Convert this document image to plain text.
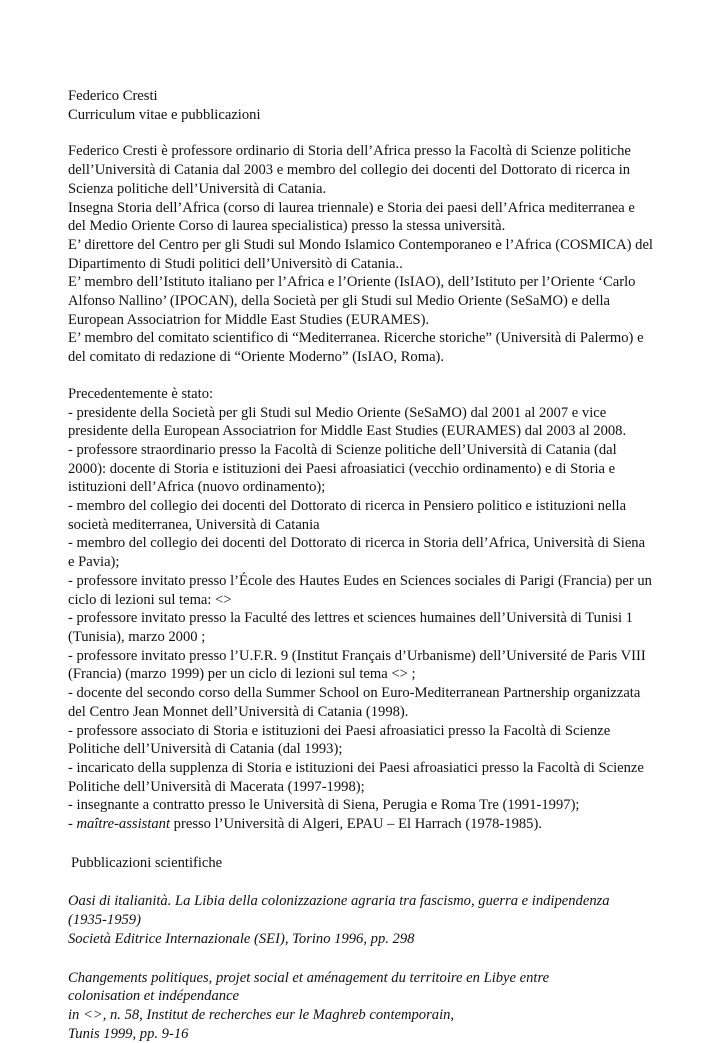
Federico Cresti

Curriculum vitae e pubblicazioni

Federico Cresti è professore ordinario di Storia dell’Africa presso la Facoltà di Scienze politiche
dell’Università di Catania dal 2003 e membro del collegio dei docenti del Dottorato di ricerca in
Scienza politiche dell’Università di Catania.
Insegna Storia dell’Africa (corso di laurea triennale) e Storia dei paesi dell’Africa mediterranea e
del Medio Oriente Corso di laurea specialistica) presso la stessa università.
E’ direttore del Centro per gli Studi sul Mondo Islamico Contemporaneo e l’Africa (COSMICA) del
Dipartimento di Studi politici dell’Universitò di Catania..
E’ membro dell’Istituto italiano per l’Africa e l’Oriente (IsIAO), dell’Istituto per l’Oriente ‘Carlo
Alfonso Nallino’ (IPOCAN), della Società per gli Studi sul Medio Oriente (SeSaMO) e della
European Associatrion for Middle East Studies (EURAMES).
E’ membro del comitato scientifico di “Mediterranea. Ricerche storiche” (Università di Palermo) e
del comitato di redazione di “Oriente Moderno” (IsIAO, Roma).

Precedentemente è stato:

- presidente della Società per gli Studi sul Medio Oriente (SeSaMO) dal 2001 al 2007 e vice
presidente della European Associatrion for Middle East Studies (EURAMES) dal 2003 al 2008.

- professore straordinario presso la Facoltà di Scienze politiche dell’Università di Catania (dal
2000): docente di Storia e istituzioni dei Paesi afroasiatici (vecchio ordinamento) e di Storia e
istituzioni dell’Africa (nuovo ordinamento);

- membro del collegio dei docenti del Dottorato di ricerca in Pensiero politico e istituzioni nella
società mediterranea, Università di Catania

- membro del collegio dei docenti del Dottorato di ricerca in Storia dell’Africa, Università di Siena
e Pavia);

- professore invitato presso l’École des Hautes Eudes en Sciences sociales di Parigi (Francia) per un
ciclo di lezioni sul tema: <>

- professore invitato presso la Faculté des lettres et sciences humaines dell’Università di Tunisi 1
(Tunisia), marzo 2000 ;

- professore invitato presso l’U.F.R. 9 (Institut Français d’Urbanisme) dell’Université de Paris VIII
(Francia) (marzo 1999) per un ciclo di lezioni sul tema <> ;

- docente del secondo corso della Summer School on Euro-Mediterranean Partnership organizzata
del Centro Jean Monnet dell’Università di Catania (1998).

- professore associato di Storia e istituzioni dei Paesi afroasiatici presso la Facoltà di Scienze
Politiche dell’Università di Catania (dal 1993);

- incaricato della supplenza di Storia e istituzioni dei Paesi afroasiatici presso la Facoltà di Scienze
Politiche dell’Università di Macerata (1997-1998);

- insegnante a contratto presso le Università di Siena, Perugia e Roma Tre (1991-1997);

- maître-assistant presso l’Università di Algeri, EPAU – El Harrach (1978-1985).

Pubblicazioni scientifiche

Oasi di italianità. La Libia della colonizzazione agraria tra fascismo, guerra e indipendenza
(1935-1959)
Società Editrice Internazionale (SEI), Torino 1996, pp. 298

Changements politiques, projet social et aménagement du territoire en Libye entre
colonisation et indépendance
in <>, n. 58, Institut de recherches eur le Maghreb contemporain,
Tunis 1999, pp. 9-16
